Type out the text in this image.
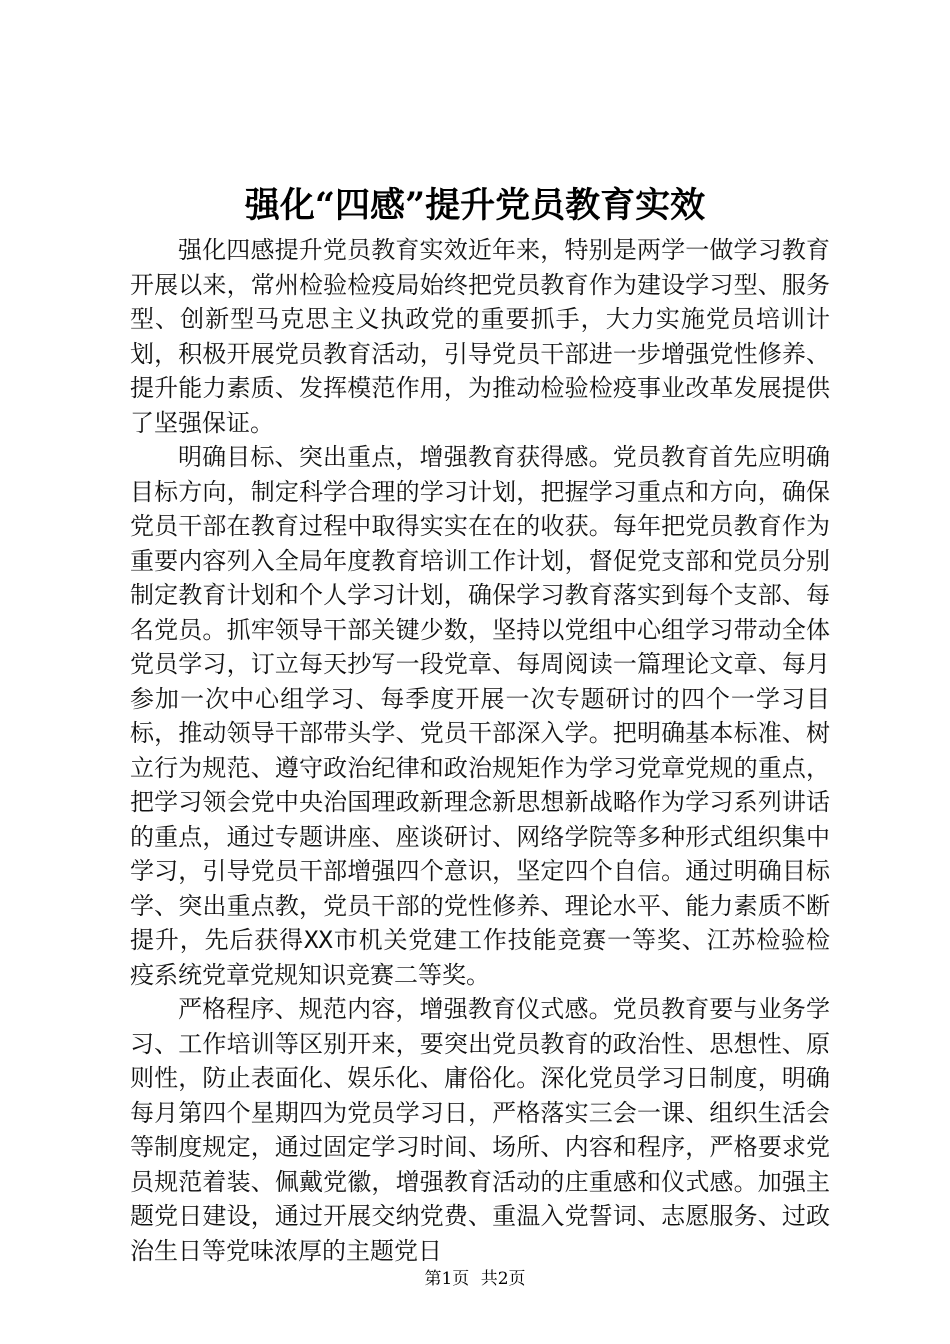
强化“四感”提升党员教育实效

强化四感提升党员教育实效近年来，特别是两学一做学习教育开展以来，常州检验检疫局始终把党员教育作为建设学习型、服务型、创新型马克思主义执政党的重要抓手，大力实施党员培训计划，积极开展党员教育活动，引导党员干部进一步增强党性修养、提升能力素质、发挥模范作用，为推动检验检疫事业改革发展提供了坚强保证。

明确目标、突出重点，增强教育获得感。党员教育首先应明确目标方向，制定科学合理的学习计划，把握学习重点和方向，确保党员干部在教育过程中取得实实在在的收获。每年把党员教育作为重要内容列入全局年度教育培训工作计划，督促党支部和党员分别制定教育计划和个人学习计划，确保学习教育落实到每个支部、每名党员。抓牢领导干部关键少数，坚持以党组中心组学习带动全体党员学习，订立每天抄写一段党章、每周阅读一篇理论文章、每月参加一次中心组学习、每季度开展一次专题研讨的四个一学习目标，推动领导干部带头学、党员干部深入学。把明确基本标准、树立行为规范、遵守政治纪律和政治规矩作为学习党章党规的重点，把学习领会党中央治国理政新理念新思想新战略作为学习系列讲话的重点，通过专题讲座、座谈研讨、网络学院等多种形式组织集中学习，引导党员干部增强四个意识，坚定四个自信。通过明确目标学、突出重点教，党员干部的党性修养、理论水平、能力素质不断提升，先后获得XX市机关党建工作技能竞赛一等奖、江苏检验检疫系统党章党规知识竞赛二等奖。

严格程序、规范内容，增强教育仪式感。党员教育要与业务学习、工作培训等区别开来，要突出党员教育的政治性、思想性、原则性，防止表面化、娱乐化、庸俗化。深化党员学习日制度，明确每月第四个星期四为党员学习日，严格落实三会一课、组织生活会等制度规定，通过固定学习时间、场所、内容和程序，严格要求党员规范着装、佩戴党徽，增强教育活动的庄重感和仪式感。加强主题党日建设，通过开展交纳党费、重温入党誓词、志愿服务、过政治生日等党味浓厚的主题党日

第1页 共2页
